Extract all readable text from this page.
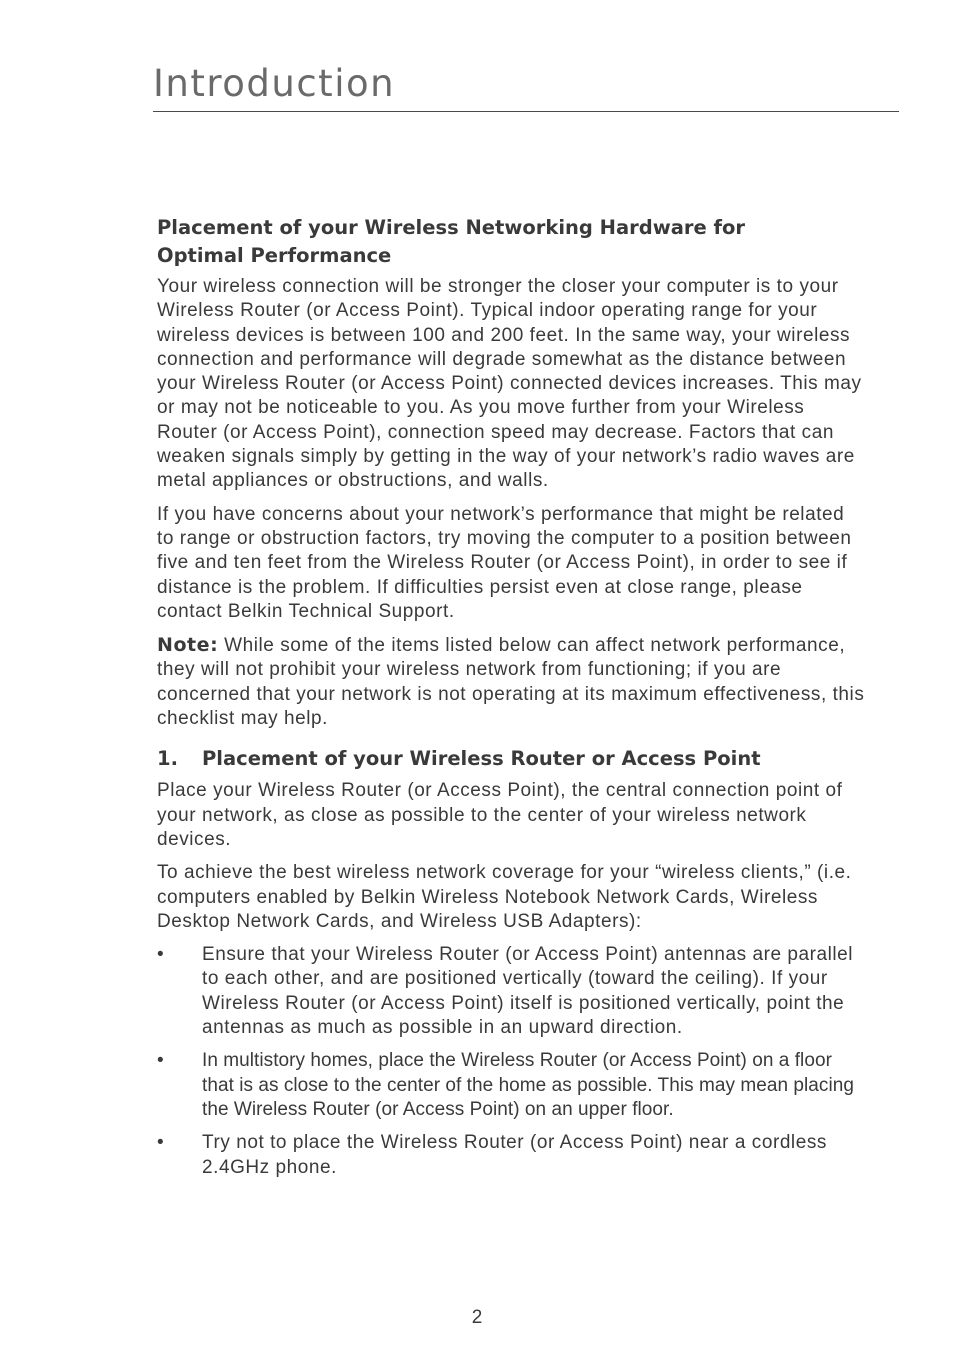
Introduction
Placement of your Wireless Networking Hardware for
Optimal Performance

Your wireless connection will be stronger the closer your computer is to your Wireless Router (or Access Point). Typical indoor operating range for your wireless devices is between 100 and 200 feet. In the same way, your wireless connection and performance will degrade somewhat as the distance between your Wireless Router (or Access Point) connected devices increases. This may or may not be noticeable to you. As you move further from your Wireless Router (or Access Point), connection speed may decrease. Factors that can weaken signals simply by getting in the way of your network’s radio waves are metal appliances or obstructions, and walls.

If you have concerns about your network’s performance that might be related to range or obstruction factors, try moving the computer to a position between five and ten feet from the Wireless Router (or Access Point), in order to see if distance is the problem. If difficulties persist even at close range, please contact Belkin Technical Support.

Note: While some of the items listed below can affect network performance, they will not prohibit your wireless network from functioning; if you are concerned that your network is not operating at its maximum effectiveness, this checklist may help.

1.	Placement of your Wireless Router or Access Point

Place your Wireless Router (or Access Point), the central connection point of your network, as close as possible to the center of your wireless network devices.

To achieve the best wireless network coverage for your “wireless clients,” (i.e. computers enabled by Belkin Wireless Notebook Network Cards, Wireless Desktop Network Cards, and Wireless USB Adapters):

•	Ensure that your Wireless Router (or Access Point) antennas are parallel to each other, and are positioned vertically (toward the ceiling). If your Wireless Router (or Access Point) itself is positioned vertically, point the antennas as much as possible in an upward direction.
•	In multistory homes, place the Wireless Router (or Access Point) on a floor that is as close to the center of the home as possible. This may mean placing the Wireless Router (or Access Point) on an upper floor.
•	Try not to place the Wireless Router (or Access Point) near a cordless 2.4GHz phone.
2
